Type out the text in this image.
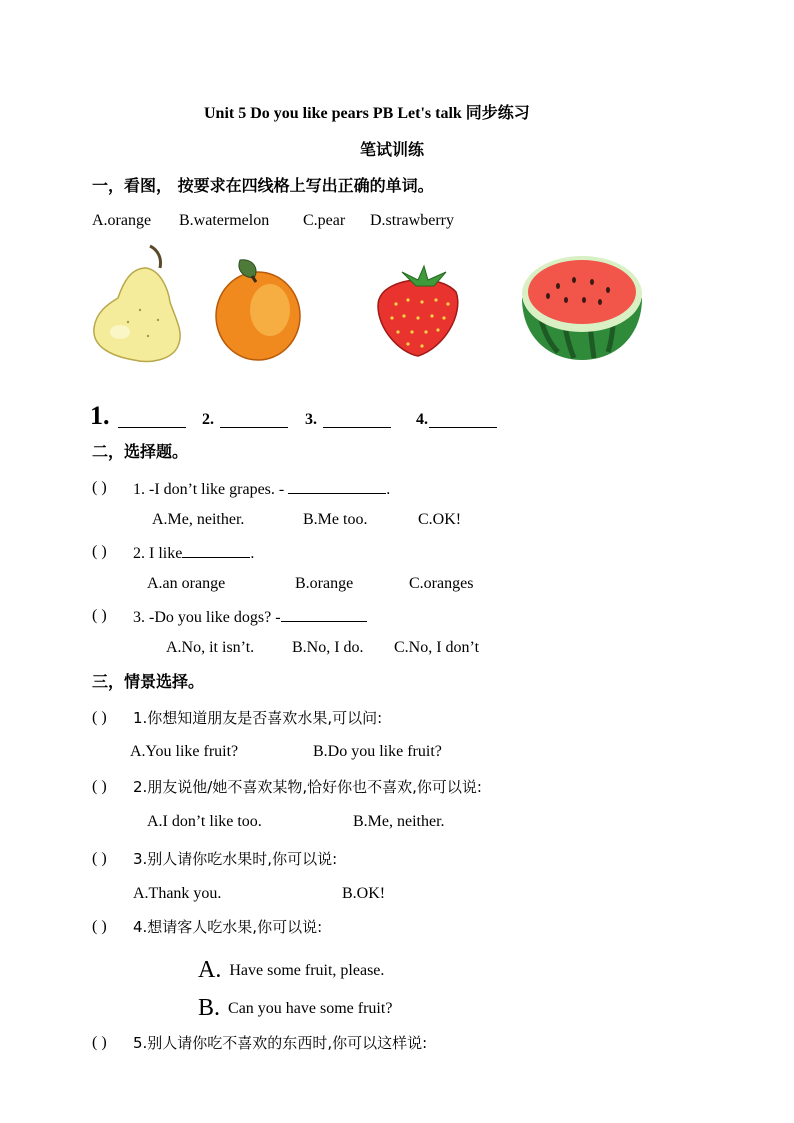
Unit 5 Do you like pears PB Let's talk 同步练习
笔试训练
一，看图， 按要求在四线格上写出正确的单词。
A.orange B.watermelon C.pear D.strawberry
1.	2.	3.	4.
二，选择题。
( ) 1. -I don’t like grapes. -	.
A.Me, neither.	B.Me too.	C.OK!
( ) 2. I like	.
A.an orange	B.orange	C.oranges
( ) 3. -Do you like dogs? -
A.No, it isn’t. B.No, I do. C.No, I don’t
三，情景选择。
( ) 1.你想知道朋友是否喜欢水果,可以问:
A.You like fruit?	B.Do you like fruit?
( ) 2.朋友说他/她不喜欢某物,恰好你也不喜欢,你可以说:
A.I don’t like too.	B.Me, neither.
( ) 3.别人请你吃水果时,你可以说:
A.Thank you.	B.OK!
( ) 4.想请客人吃水果,你可以说:
A. Have some fruit, please.
B. Can you have some fruit?
( ) 5.别人请你吃不喜欢的东西时,你可以这样说:
